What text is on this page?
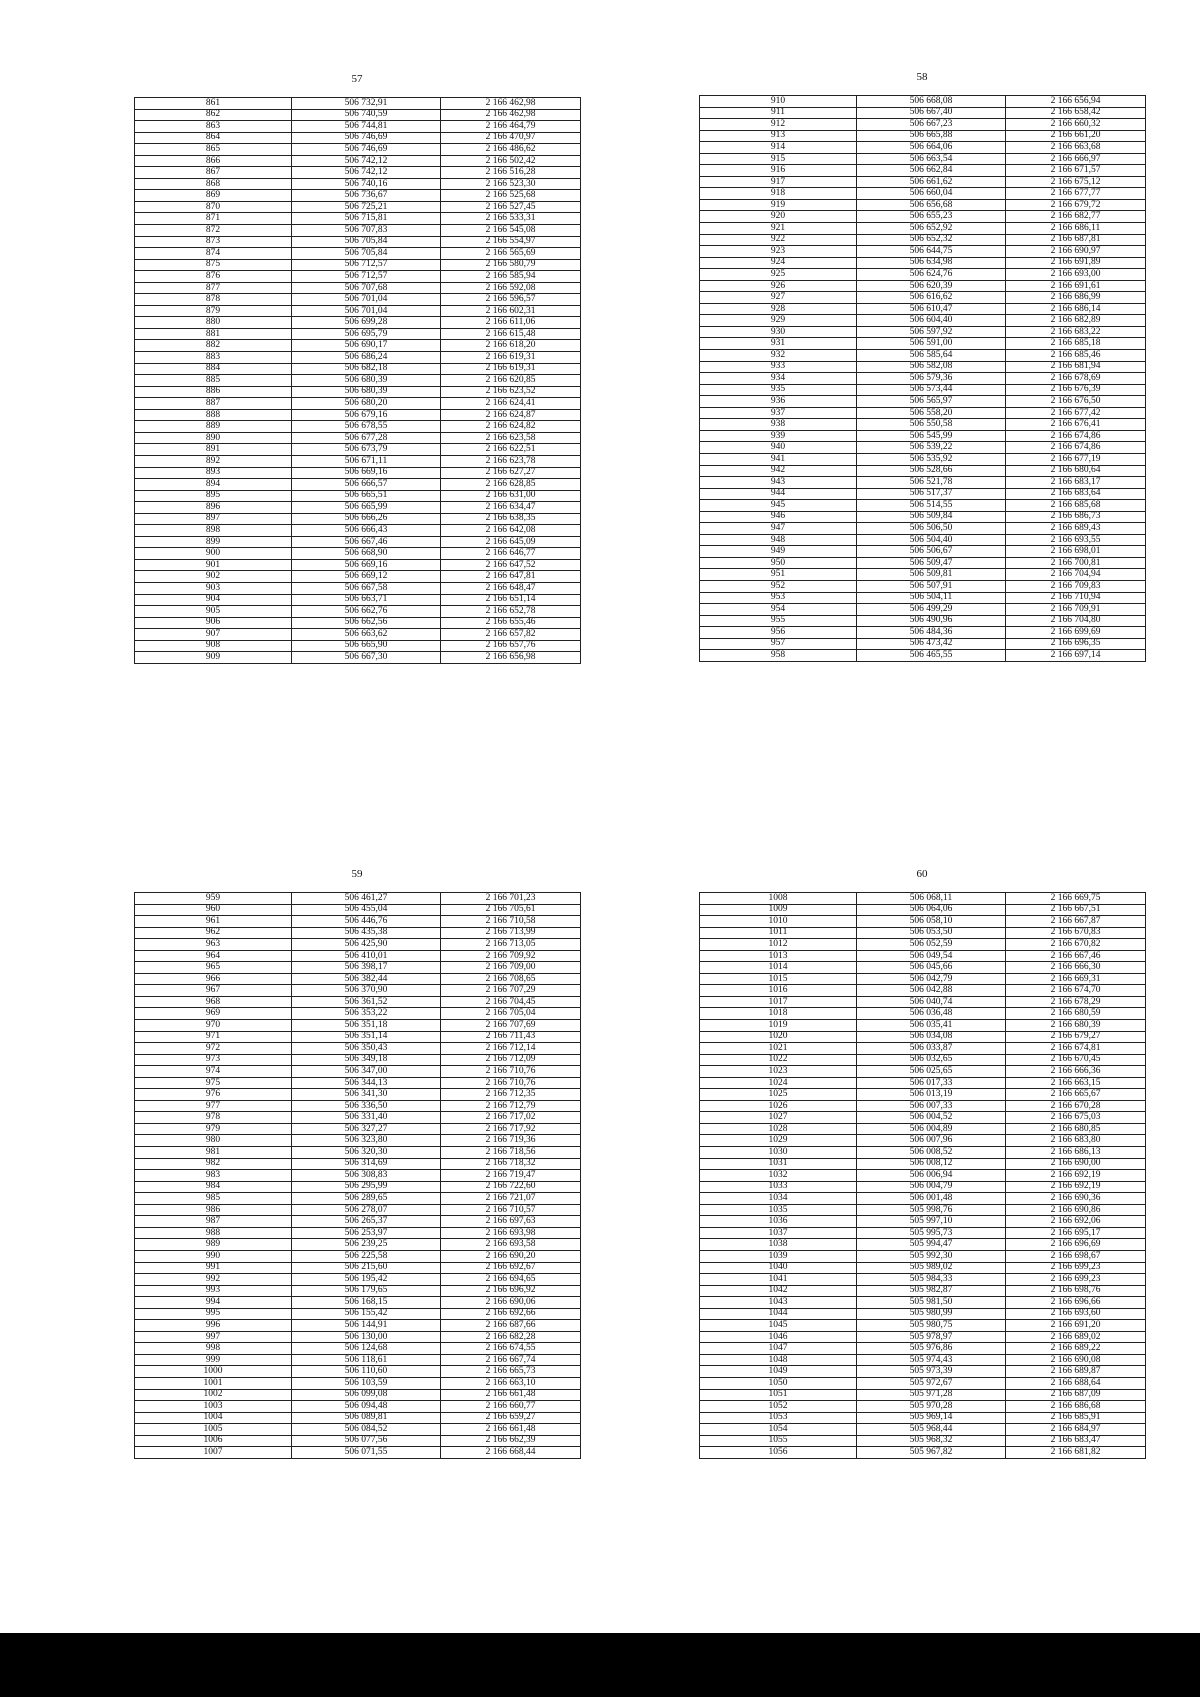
57
861	506 732,91	2 166 462,98
862	506 740,59	2 166 462,98
863	506 744,81	2 166 464,79
864	506 746,69	2 166 470,97
865	506 746,69	2 166 486,62
866	506 742,12	2 166 502,42
867	506 742,12	2 166 516,28
868	506 740,16	2 166 523,30
869	506 736,67	2 166 525,68
870	506 725,21	2 166 527,45
871	506 715,81	2 166 533,31
872	506 707,83	2 166 545,08
873	506 705,84	2 166 554,97
874	506 705,84	2 166 565,69
875	506 712,57	2 166 580,79
876	506 712,57	2 166 585,94
877	506 707,68	2 166 592,08
878	506 701,04	2 166 596,57
879	506 701,04	2 166 602,31
880	506 699,28	2 166 611,06
881	506 695,79	2 166 615,48
882	506 690,17	2 166 618,20
883	506 686,24	2 166 619,31
884	506 682,18	2 166 619,31
885	506 680,39	2 166 620,85
886	506 680,39	2 166 623,52
887	506 680,20	2 166 624,41
888	506 679,16	2 166 624,87
889	506 678,55	2 166 624,82
890	506 677,28	2 166 623,58
891	506 673,79	2 166 622,51
892	506 671,11	2 166 623,78
893	506 669,16	2 166 627,27
894	506 666,57	2 166 628,85
895	506 665,51	2 166 631,00
896	506 665,99	2 166 634,47
897	506 666,26	2 166 638,35
898	506 666,43	2 166 642,08
899	506 667,46	2 166 645,09
900	506 668,90	2 166 646,77
901	506 669,16	2 166 647,52
902	506 669,12	2 166 647,81
903	506 667,58	2 166 648,47
904	506 663,71	2 166 651,14
905	506 662,76	2 166 652,78
906	506 662,56	2 166 655,46
907	506 663,62	2 166 657,82
908	506 665,90	2 166 657,76
909	506 667,30	2 166 656,98
58
910	506 668,08	2 166 656,94
911	506 667,40	2 166 658,42
912	506 667,23	2 166 660,32
913	506 665,88	2 166 661,20
914	506 664,06	2 166 663,68
915	506 663,54	2 166 666,97
916	506 662,84	2 166 671,57
917	506 661,62	2 166 675,12
918	506 660,04	2 166 677,77
919	506 656,68	2 166 679,72
920	506 655,23	2 166 682,77
921	506 652,92	2 166 686,11
922	506 652,32	2 166 687,81
923	506 644,75	2 166 690,97
924	506 634,98	2 166 691,89
925	506 624,76	2 166 693,00
926	506 620,39	2 166 691,61
927	506 616,62	2 166 686,99
928	506 610,47	2 166 686,14
929	506 604,40	2 166 682,89
930	506 597,92	2 166 683,22
931	506 591,00	2 166 685,18
932	506 585,64	2 166 685,46
933	506 582,08	2 166 681,94
934	506 579,36	2 166 678,69
935	506 573,44	2 166 676,39
936	506 565,97	2 166 676,50
937	506 558,20	2 166 677,42
938	506 550,58	2 166 676,41
939	506 545,99	2 166 674,86
940	506 539,22	2 166 674,86
941	506 535,92	2 166 677,19
942	506 528,66	2 166 680,64
943	506 521,78	2 166 683,17
944	506 517,37	2 166 683,64
945	506 514,55	2 166 685,68
946	506 509,84	2 166 686,73
947	506 506,50	2 166 689,43
948	506 504,40	2 166 693,55
949	506 506,67	2 166 698,01
950	506 509,47	2 166 700,81
951	506 509,81	2 166 704,94
952	506 507,91	2 166 709,83
953	506 504,11	2 166 710,94
954	506 499,29	2 166 709,91
955	506 490,96	2 166 704,80
956	506 484,36	2 166 699,69
957	506 473,42	2 166 696,35
958	506 465,55	2 166 697,14
59
959	506 461,27	2 166 701,23
960	506 455,04	2 166 705,61
961	506 446,76	2 166 710,58
962	506 435,38	2 166 713,99
963	506 425,90	2 166 713,05
964	506 410,01	2 166 709,92
965	506 398,17	2 166 709,00
966	506 382,44	2 166 708,65
967	506 370,90	2 166 707,29
968	506 361,52	2 166 704,45
969	506 353,22	2 166 705,04
970	506 351,18	2 166 707,69
971	506 351,14	2 166 711,43
972	506 350,43	2 166 712,14
973	506 349,18	2 166 712,09
974	506 347,00	2 166 710,76
975	506 344,13	2 166 710,76
976	506 341,30	2 166 712,35
977	506 336,50	2 166 712,79
978	506 331,40	2 166 717,02
979	506 327,27	2 166 717,92
980	506 323,80	2 166 719,36
981	506 320,30	2 166 718,56
982	506 314,69	2 166 718,32
983	506 308,83	2 166 719,47
984	506 295,99	2 166 722,60
985	506 289,65	2 166 721,07
986	506 278,07	2 166 710,57
987	506 265,37	2 166 697,63
988	506 253,97	2 166 693,98
989	506 239,25	2 166 693,58
990	506 225,58	2 166 690,20
991	506 215,60	2 166 692,67
992	506 195,42	2 166 694,65
993	506 179,65	2 166 696,92
994	506 168,15	2 166 690,06
995	506 155,42	2 166 692,66
996	506 144,91	2 166 687,66
997	506 130,00	2 166 682,28
998	506 124,68	2 166 674,55
999	506 118,61	2 166 667,74
1000	506 110,60	2 166 665,73
1001	506 103,59	2 166 663,10
1002	506 099,08	2 166 661,48
1003	506 094,48	2 166 660,77
1004	506 089,81	2 166 659,27
1005	506 084,52	2 166 661,48
1006	506 077,56	2 166 662,39
1007	506 071,55	2 166 668,44
60
1008	506 068,11	2 166 669,75
1009	506 064,06	2 166 667,51
1010	506 058,10	2 166 667,87
1011	506 053,50	2 166 670,83
1012	506 052,59	2 166 670,82
1013	506 049,54	2 166 667,46
1014	506 045,66	2 166 666,30
1015	506 042,79	2 166 669,31
1016	506 042,88	2 166 674,70
1017	506 040,74	2 166 678,29
1018	506 036,48	2 166 680,59
1019	506 035,41	2 166 680,39
1020	506 034,08	2 166 679,27
1021	506 033,87	2 166 674,81
1022	506 032,65	2 166 670,45
1023	506 025,65	2 166 666,36
1024	506 017,33	2 166 663,15
1025	506 013,19	2 166 665,67
1026	506 007,33	2 166 670,28
1027	506 004,52	2 166 675,03
1028	506 004,89	2 166 680,85
1029	506 007,96	2 166 683,80
1030	506 008,52	2 166 686,13
1031	506 008,12	2 166 690,00
1032	506 006,94	2 166 692,19
1033	506 004,79	2 166 692,19
1034	506 001,48	2 166 690,36
1035	505 998,76	2 166 690,86
1036	505 997,10	2 166 692,06
1037	505 995,73	2 166 695,17
1038	505 994,47	2 166 696,69
1039	505 992,30	2 166 698,67
1040	505 989,02	2 166 699,23
1041	505 984,33	2 166 699,23
1042	505 982,87	2 166 698,76
1043	505 981,50	2 166 696,66
1044	505 980,99	2 166 693,60
1045	505 980,75	2 166 691,20
1046	505 978,97	2 166 689,02
1047	505 976,86	2 166 689,22
1048	505 974,43	2 166 690,08
1049	505 973,39	2 166 689,87
1050	505 972,67	2 166 688,64
1051	505 971,28	2 166 687,09
1052	505 970,28	2 166 686,68
1053	505 969,14	2 166 685,91
1054	505 968,44	2 166 684,97
1055	505 968,32	2 166 683,47
1056	505 967,82	2 166 681,82
